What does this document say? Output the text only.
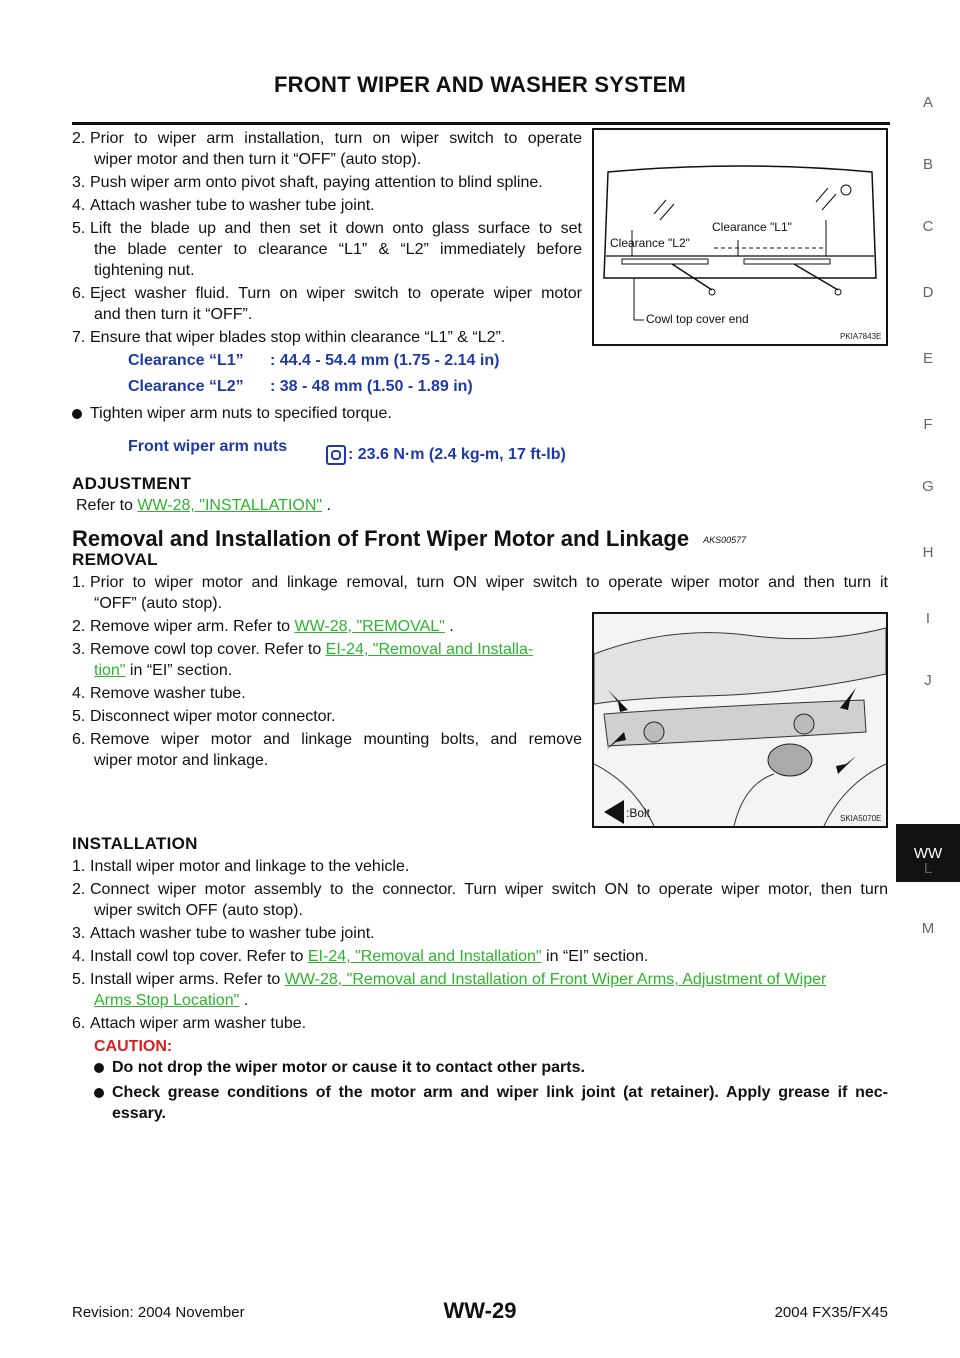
FRONT WIPER AND WASHER SYSTEM
A
B
C
D
E
F
G
H
I
J
WW
L
M
2. Prior to wiper arm installation, turn on wiper switch to operate
wiper motor and then turn it “OFF” (auto stop).
3. Push wiper arm onto pivot shaft, paying attention to blind spline.
4. Attach washer tube to washer tube joint.
5. Lift the blade up and then set it down onto glass surface to set
the blade center to clearance “L1” & “L2” immediately before
tightening nut.
6. Eject washer fluid. Turn on wiper switch to operate wiper motor
and then turn it “OFF”.
7. Ensure that wiper blades stop within clearance “L1” & “L2”.
Clearance “L1” : 44.4 - 54.4 mm (1.75 - 2.14 in)
Clearance “L2” : 38 - 48 mm (1.50 - 1.89 in)
Tighten wiper arm nuts to specified torque.
Front wiper arm nuts	: 23.6 N·m (2.4 kg-m, 17 ft-lb)
Clearance "L1"
Clearance "L2"
Cowl top cover end
PKIA7843E
ADJUSTMENT
Refer to WW-28, "INSTALLATION" .
Removal and Installation of Front Wiper Motor and Linkage AKS00577
REMOVAL
1. Prior to wiper motor and linkage removal, turn ON wiper switch to operate wiper motor and then turn it
“OFF” (auto stop).
2. Remove wiper arm. Refer to WW-28, "REMOVAL" .
3. Remove cowl top cover. Refer to EI-24, "Removal and Installa-
tion" in “EI” section.
4. Remove washer tube.
5. Disconnect wiper motor connector.
6. Remove wiper motor and linkage mounting bolts, and remove
wiper motor and linkage.
:Bolt	SKIA5070E
INSTALLATION
1. Install wiper motor and linkage to the vehicle.
2. Connect wiper motor assembly to the connector. Turn wiper switch ON to operate wiper motor, then turn
wiper switch OFF (auto stop).
3. Attach washer tube to washer tube joint.
4. Install cowl top cover. Refer to EI-24, "Removal and Installation" in “EI” section.
5. Install wiper arms. Refer to WW-28, "Removal and Installation of Front Wiper Arms, Adjustment of Wiper
Arms Stop Location" .
6. Attach wiper arm washer tube.
CAUTION:
Do not drop the wiper motor or cause it to contact other parts.
Check grease conditions of the motor arm and wiper link joint (at retainer). Apply grease if nec-
essary.
Revision: 2004 November	WW-29	2004 FX35/FX45
